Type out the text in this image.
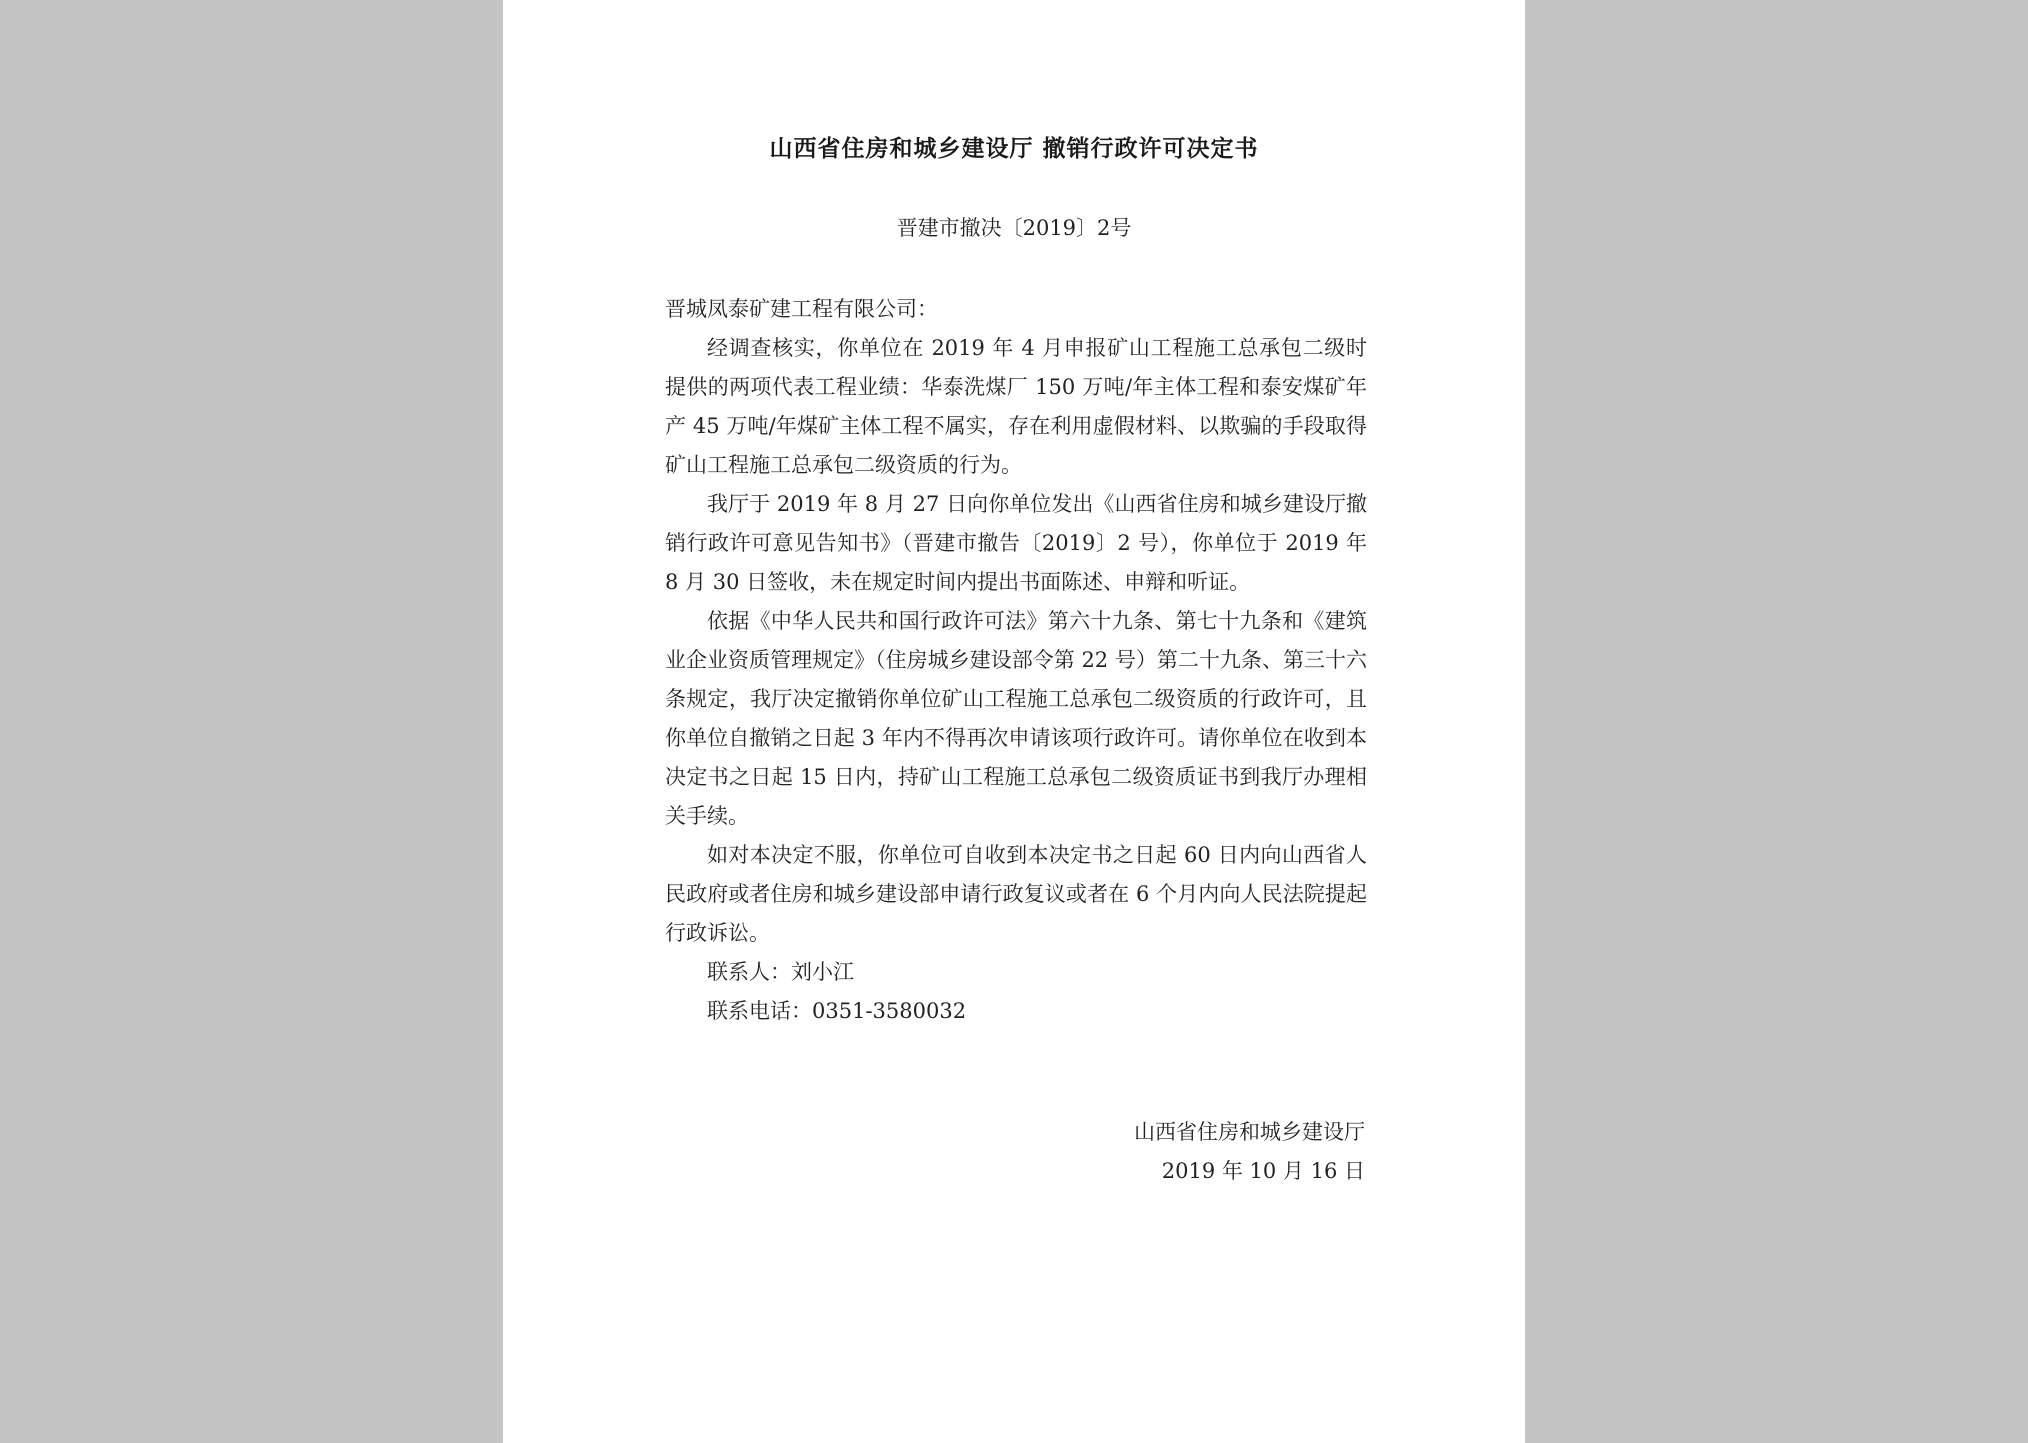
山西省住房和城乡建设厅 撤销行政许可决定书
晋建市撤决〔2019〕2号

晋城凤泰矿建工程有限公司：

经调查核实，你单位在 2019 年 4 月申报矿山工程施工总承包二级时提供的两项代表工程业绩：华泰洗煤厂 150 万吨/年主体工程和泰安煤矿年产 45 万吨/年煤矿主体工程不属实，存在利用虚假材料、以欺骗的手段取得矿山工程施工总承包二级资质的行为。

我厅于 2019 年 8 月 27 日向你单位发出《山西省住房和城乡建设厅撤销行政许可意见告知书》（晋建市撤告〔2019〕2 号），你单位于 2019 年 8 月 30 日签收，未在规定时间内提出书面陈述、申辩和听证。

依据《中华人民共和国行政许可法》第六十九条、第七十九条和《建筑业企业资质管理规定》（住房城乡建设部令第 22 号）第二十九条、第三十六条规定，我厅决定撤销你单位矿山工程施工总承包二级资质的行政许可，且你单位自撤销之日起 3 年内不得再次申请该项行政许可。请你单位在收到本决定书之日起 15 日内，持矿山工程施工总承包二级资质证书到我厅办理相关手续。

如对本决定不服，你单位可自收到本决定书之日起 60 日内向山西省人民政府或者住房和城乡建设部申请行政复议或者在 6 个月内向人民法院提起行政诉讼。

联系人：刘小江

联系电话：0351-3580032

山西省住房和城乡建设厅
2019 年 10 月 16 日
